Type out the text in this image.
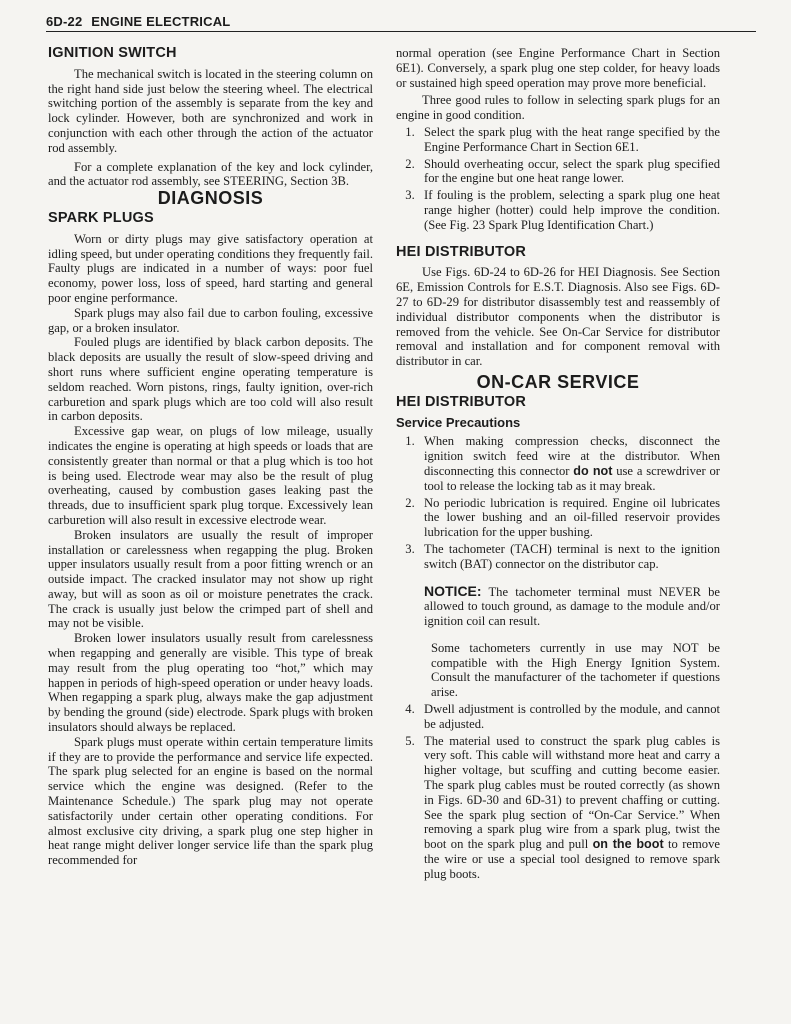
6D-22 ENGINE ELECTRICAL
IGNITION SWITCH

The mechanical switch is located in the steering column on the right hand side just below the steering wheel. The electrical switching portion of the assembly is separate from the key and lock cylinder. However, both are synchronized and work in conjunction with each other through the action of the actuator rod assembly.

For a complete explanation of the key and lock cylinder, and the actuator rod assembly, see STEERING, Section 3B.

DIAGNOSIS
SPARK PLUGS

Worn or dirty plugs may give satisfactory operation at idling speed, but under operating conditions they frequently fail. Faulty plugs are indicated in a number of ways: poor fuel economy, power loss, loss of speed, hard starting and general poor engine performance.

Spark plugs may also fail due to carbon fouling, excessive gap, or a broken insulator.

Fouled plugs are identified by black carbon deposits. The black deposits are usually the result of slow-speed driving and short runs where sufficient engine operating temperature is seldom reached. Worn pistons, rings, faulty ignition, over-rich carburetion and spark plugs which are too cold will also result in carbon deposits.

Excessive gap wear, on plugs of low mileage, usually indicates the engine is operating at high speeds or loads that are consistently greater than normal or that a plug which is too hot is being used. Electrode wear may also be the result of plug overheating, caused by combustion gases leaking past the threads, due to insufficient spark plug torque. Excessively lean carburetion will also result in excessive electrode wear.

Broken insulators are usually the result of improper installation or carelessness when regapping the plug. Broken upper insulators usually result from a poor fitting wrench or an outside impact. The cracked insulator may not show up right away, but will as soon as oil or moisture penetrates the crack. The crack is usually just below the crimped part of shell and may not be visible.

Broken lower insulators usually result from carelessness when regapping and generally are visible. This type of break may result from the plug operating too “hot,” which may happen in periods of high-speed operation or under heavy loads. When regapping a spark plug, always make the gap adjustment by bending the ground (side) electrode. Spark plugs with broken insulators should always be replaced.

Spark plugs must operate within certain temperature limits if they are to provide the performance and service life expected. The spark plug selected for an engine is based on the normal service which the engine was designed. (Refer to the Maintenance Schedule.) The spark plug may not operate satisfactorily under certain other operating conditions. For almost exclusive city driving, a spark plug one step higher in heat range might deliver longer service life than the spark plug recommended for

normal operation (see Engine Performance Chart in Section 6E1). Conversely, a spark plug one step colder, for heavy loads or sustained high speed operation may prove more beneficial.

Three good rules to follow in selecting spark plugs for an engine in good condition.

1. Select the spark plug with the heat range specified by the Engine Performance Chart in Section 6E1.
2. Should overheating occur, select the spark plug specified for the engine but one heat range lower.
3. If fouling is the problem, selecting a spark plug one heat range higher (hotter) could help improve the condition. (See Fig. 23 Spark Plug Identification Chart.)
HEI DISTRIBUTOR

Use Figs. 6D-24 to 6D-26 for HEI Diagnosis. See Section 6E, Emission Controls for E.S.T. Diagnosis. Also see Figs. 6D-27 to 6D-29 for distributor disassembly test and reassembly of individual distributor components when the distributor is removed from the vehicle. See On-Car Service for distributor removal and installation and for component removal with distributor in car.

ON-CAR SERVICE
HEI DISTRIBUTOR
Service Precautions
1. When making compression checks, disconnect the ignition switch feed wire at the distributor. When disconnecting this connector do not use a screwdriver or tool to release the locking tab as it may break.
2. No periodic lubrication is required. Engine oil lubricates the lower bushing and an oil-filled reservoir provides lubrication for the upper bushing.
3. The tachometer (TACH) terminal is next to the ignition switch (BAT) connector on the distributor cap.

NOTICE: The tachometer terminal must NEVER be allowed to touch ground, as damage to the module and/or ignition coil can result.

Some tachometers currently in use may NOT be compatible with the High Energy Ignition System. Consult the manufacturer of the tachometer if questions arise.

4. Dwell adjustment is controlled by the module, and cannot be adjusted.
5. The material used to construct the spark plug cables is very soft. This cable will withstand more heat and carry a higher voltage, but scuffing and cutting become easier. The spark plug cables must be routed correctly (as shown in Figs. 6D-30 and 6D-31) to prevent chaffing or cutting. See the spark plug section of “On-Car Service.” When removing a spark plug wire from a spark plug, twist the boot on the spark plug and pull on the boot to remove the wire or use a special tool designed to remove spark plug boots.
